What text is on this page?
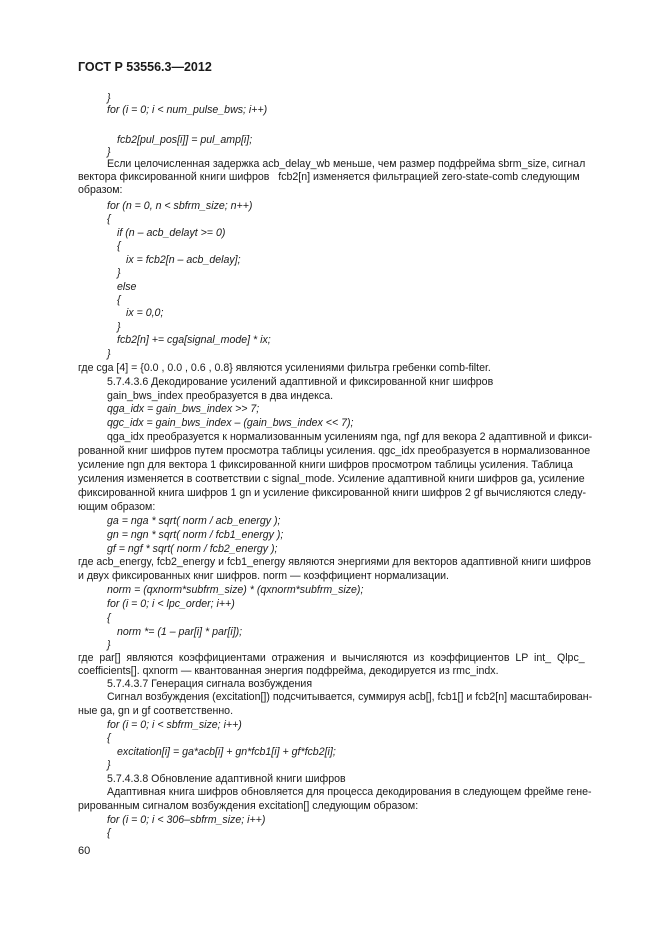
ГОСТ Р 53556.3—2012
}
for (i = 0; i < num_pulse_bws; i++)
fcb2[pul_pos[i]] = pul_amp[i];
}
Если целочисленная задержка acb_delay_wb меньше, чем размер подфрейма sbrm_size, сигнал
вектора фиксированной книги шифров   fcb2[n] изменяется фильтрацией zero-state-comb следующим
образом:
for (n = 0, n < sbfrm_size; n++)
{
if (n – acb_delayt >= 0)
{
ix = fcb2[n – acb_delay];
}
else
{
ix = 0,0;
}
fcb2[n] += cga[signal_mode] * ix;
}
где cga [4] = {0.0 , 0.0 , 0.6 , 0.8} являются усилениями фильтра гребенки comb-filter.
5.7.4.3.6 Декодирование усилений адаптивной и фиксированной книг шифров
gain_bws_index преобразуется в два индекса.
qga_idx = gain_bws_index >> 7;
qgc_idx = gain_bws_index – (gain_bws_index << 7);
qga_idx преобразуется к нормализованным усилениям nga, ngf для векора 2 адаптивной и фикси-
рованной книг шифров путем просмотра таблицы усиления. qgc_idx преобразуется в нормализованное
усиление ngn для вектора 1 фиксированной книги шифров просмотром таблицы усиления. Таблица
усиления изменяется в соответствии с signal_mode. Усиление адаптивной книги шифров ga, усиление
фиксированной книга шифров 1 gn и усиление фиксированной книги шифров 2 gf вычисляются следу-
ющим образом:
ga = nga * sqrt( norm / acb_energy );
gn = ngn * sqrt( norm / fcb1_energy );
gf = ngf * sqrt( norm / fcb2_energy );
где acb_energy, fcb2_energy и fcb1_energy являются энергиями для векторов адаптивной книги шифров
и двух фиксированных книг шифров. norm — коэффициент нормализации.
norm = (qxnorm*subfrm_size) * (qxnorm*subfrm_size);
for (i = 0; i < lpc_order; i++)
{
norm *= (1 – par[i] * par[i]);
}
где  par[]  являются  коэффициентами  отражения  и  вычисляются  из  коэффициентов  LP  int_  Qlpc_
coefficients[]. qxnorm — квантованная энергия подфрейма, декодируется из rmc_indx.
5.7.4.3.7 Генерация сигнала возбуждения
Сигнал возбуждения (excitation[]) подсчитывается, суммируя acb[], fcb1[] и fcb2[n] масштабирован-
ные ga, gn и gf соответственно.
for (i = 0; i < sbfrm_size; i++)
{
excitation[i] = ga*acb[i] + gn*fcb1[i] + gf*fcb2[i];
}
5.7.4.3.8 Обновление адаптивной книги шифров
Адаптивная книга шифров обновляется для процесса декодирования в следующем фрейме гене-
рированным сигналом возбуждения excitation[] следующим образом:
for (i = 0; i < 306–sbfrm_size; i++)
{
60
